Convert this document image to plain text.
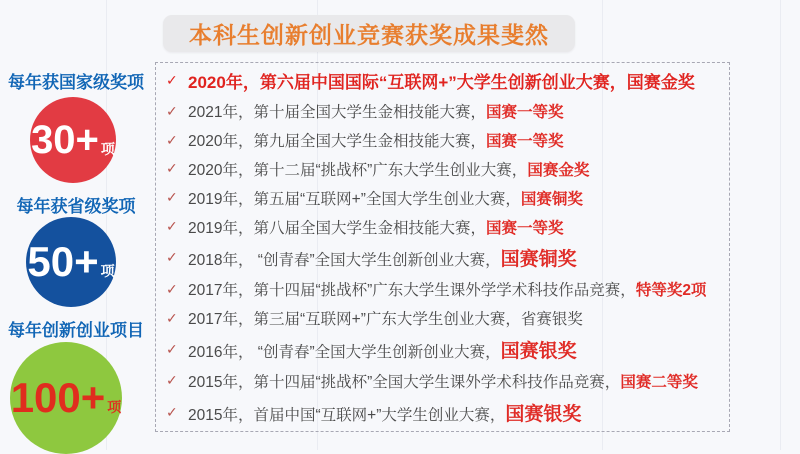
本科生创新创业竞赛获奖成果斐然
每年获国家级奖项
30+ 项
每年获省级奖项
50+ 项
每年创新创业项目
100+ 项
✓ 2020年，第六届中国国际“互联网+”大学生创新创业大赛，国赛金奖
✓ 2021年，第十届全国大学生金相技能大赛，国赛一等奖
✓ 2020年，第九届全国大学生金相技能大赛，国赛一等奖
✓ 2020年，第十二届“挑战杯”广东大学生创业大赛，国赛金奖
✓ 2019年，第五届“互联网+”全国大学生创业大赛，国赛铜奖
✓ 2019年，第八届全国大学生金相技能大赛，国赛一等奖
✓ 2018年， “创青春”全国大学生创新创业大赛，国赛铜奖
✓ 2017年，第十四届“挑战杯”广东大学生课外学学术科技作品竞赛，特等奖2项
✓ 2017年，第三届“互联网+”广东大学生创业大赛，省赛银奖
✓ 2016年， “创青春”全国大学生创新创业大赛，国赛银奖
✓ 2015年，第十四届“挑战杯”全国大学生课外学术科技作品竞赛，国赛二等奖
✓ 2015年，首届中国“互联网+”大学生创业大赛，国赛银奖
